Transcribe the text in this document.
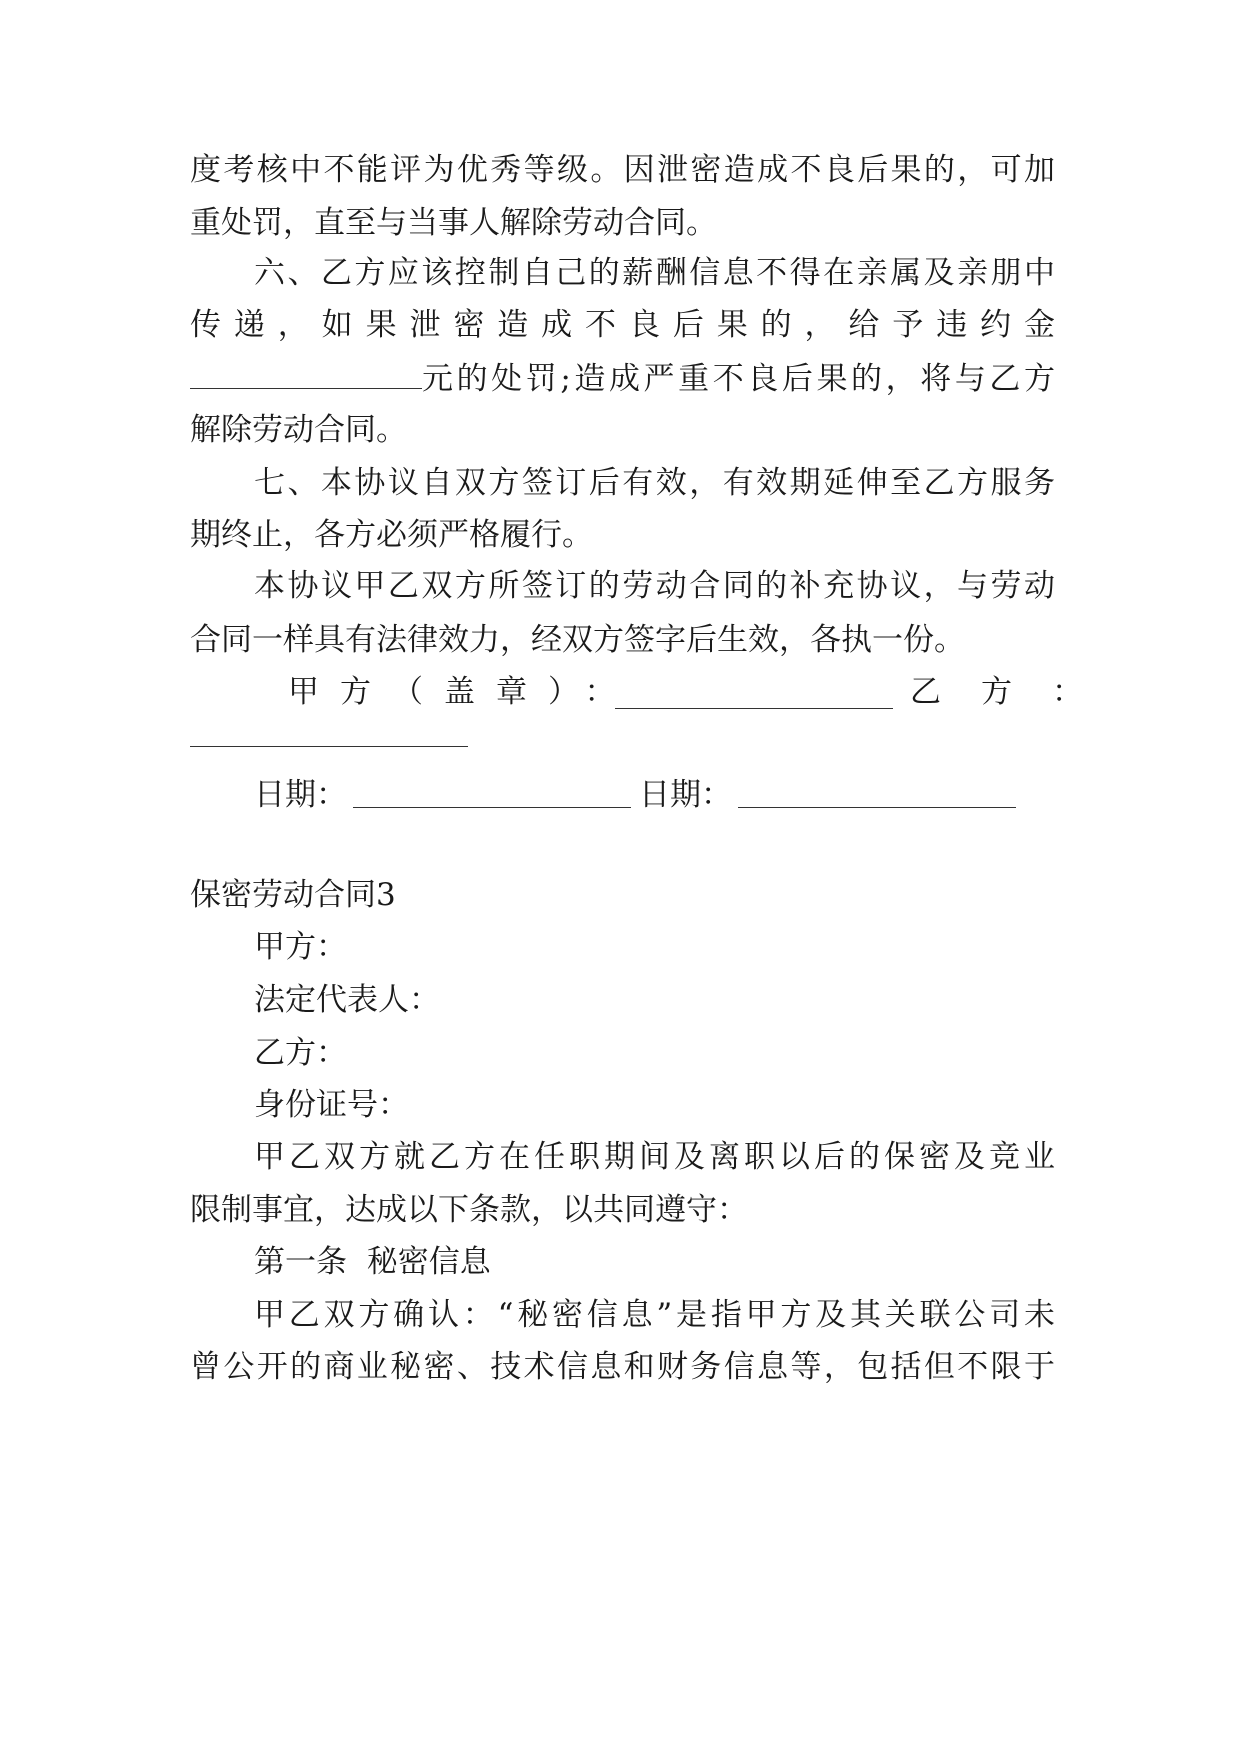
度考核中不能评为优秀等级。因泄密造成不良后果的，可加
重处罚，直至与当事人解除劳动合同。
六、乙方应该控制自己的薪酬信息不得在亲属及亲朋中
传递，如果泄密造成不良后果的，给予违约金
元的处罚;造成严重不良后果的，将与乙方
解除劳动合同。
七、本协议自双方签订后有效，有效期延伸至乙方服务
期终止，各方必须严格履行。
本协议甲乙双方所签订的劳动合同的补充协议，与劳动
合同一样具有法律效力，经双方签字后生效，各执一份。
甲方（盖章）：	乙方：
日期：	日期：
保密劳动合同3
甲方：
法定代表人：
乙方：
身份证号：
甲乙双方就乙方在任职期间及离职以后的保密及竞业
限制事宜，达成以下条款，以共同遵守：
第一条  秘密信息
甲乙双方确认：“秘密信息”是指甲方及其关联公司未
曾公开的商业秘密、技术信息和财务信息等，包括但不限于
